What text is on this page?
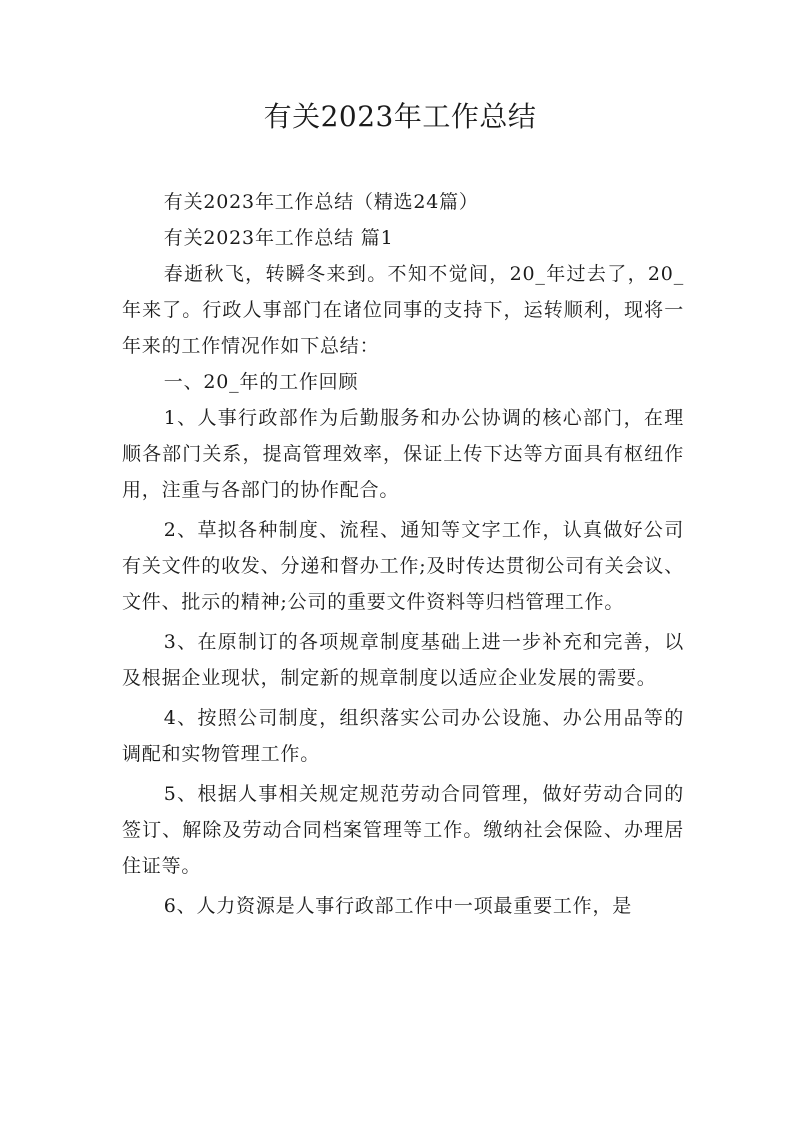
有关2023年工作总结

有关2023年工作总结（精选24篇）

有关2023年工作总结 篇1

春逝秋飞，转瞬冬来到。不知不觉间，20_年过去了，20_年来了。行政人事部门在诸位同事的支持下，运转顺利，现将一年来的工作情况作如下总结：

一、20_年的工作回顾

1、人事行政部作为后勤服务和办公协调的核心部门，在理顺各部门关系，提高管理效率，保证上传下达等方面具有枢纽作用，注重与各部门的协作配合。

2、草拟各种制度、流程、通知等文字工作，认真做好公司有关文件的收发、分递和督办工作;及时传达贯彻公司有关会议、文件、批示的精神;公司的重要文件资料等归档管理工作。

3、在原制订的各项规章制度基础上进一步补充和完善，以及根据企业现状，制定新的规章制度以适应企业发展的需要。

4、按照公司制度，组织落实公司办公设施、办公用品等的调配和实物管理工作。

5、根据人事相关规定规范劳动合同管理，做好劳动合同的签订、解除及劳动合同档案管理等工作。缴纳社会保险、办理居住证等。

6、人力资源是人事行政部工作中一项最重要工作，是
